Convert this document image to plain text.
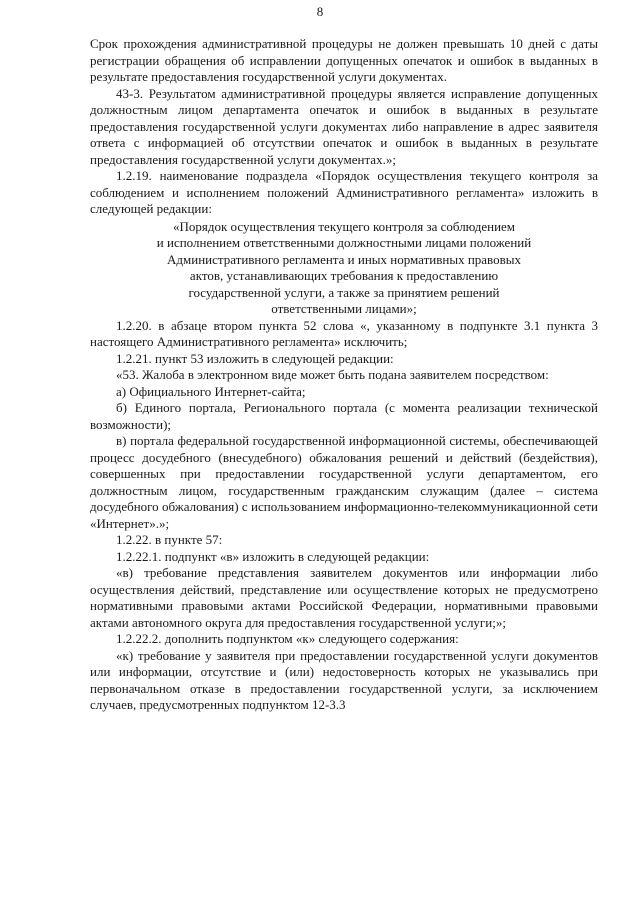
8

Срок прохождения административной процедуры не должен превышать 10 дней с даты регистрации обращения об исправлении допущенных опечаток и ошибок в выданных в результате предоставления государственной услуги документах.

43-3. Результатом административной процедуры является исправление допущенных должностным лицом департамента опечаток и ошибок в выданных в результате предоставления государственной услуги документах либо направление в адрес заявителя ответа с информацией об отсутствии опечаток и ошибок в выданных в результате предоставления государственной услуги документах.»;

1.2.19. наименование подраздела «Порядок осуществления текущего контроля за соблюдением и исполнением положений Административного регламента» изложить в следующей редакции:

«Порядок осуществления текущего контроля за соблюдением
и исполнением ответственными должностными лицами положений
Административного регламента и иных нормативных правовых
актов, устанавливающих требования к предоставлению
государственной услуги, а также за принятием решений
ответственными лицами»;

1.2.20. в абзаце втором пункта 52 слова «, указанному в подпункте 3.1 пункта 3 настоящего Административного регламента» исключить;

1.2.21. пункт 53 изложить в следующей редакции:

«53. Жалоба в электронном виде может быть подана заявителем посредством:

а) Официального Интернет-сайта;

б) Единого портала, Регионального портала (с момента реализации технической возможности);

в) портала федеральной государственной информационной системы, обеспечивающей процесс досудебного (внесудебного) обжалования решений и действий (бездействия), совершенных при предоставлении государственной услуги департаментом, его должностным лицом, государственным гражданским служащим (далее – система досудебного обжалования) с использованием информационно-телекоммуникационной сети «Интернет».»;

1.2.22. в пункте 57:

1.2.22.1. подпункт «в» изложить в следующей редакции:

«в) требование представления заявителем документов или информации либо осуществления действий, представление или осуществление которых не предусмотрено нормативными правовыми актами Российской Федерации, нормативными правовыми актами автономного округа для предоставления государственной услуги;»;

1.2.22.2. дополнить подпунктом «к» следующего содержания:

«к) требование у заявителя при предоставлении государственной услуги документов или информации, отсутствие и (или) недостоверность которых не указывались при первоначальном отказе в предоставлении государственной услуги, за исключением случаев, предусмотренных подпунктом 12-3.3
